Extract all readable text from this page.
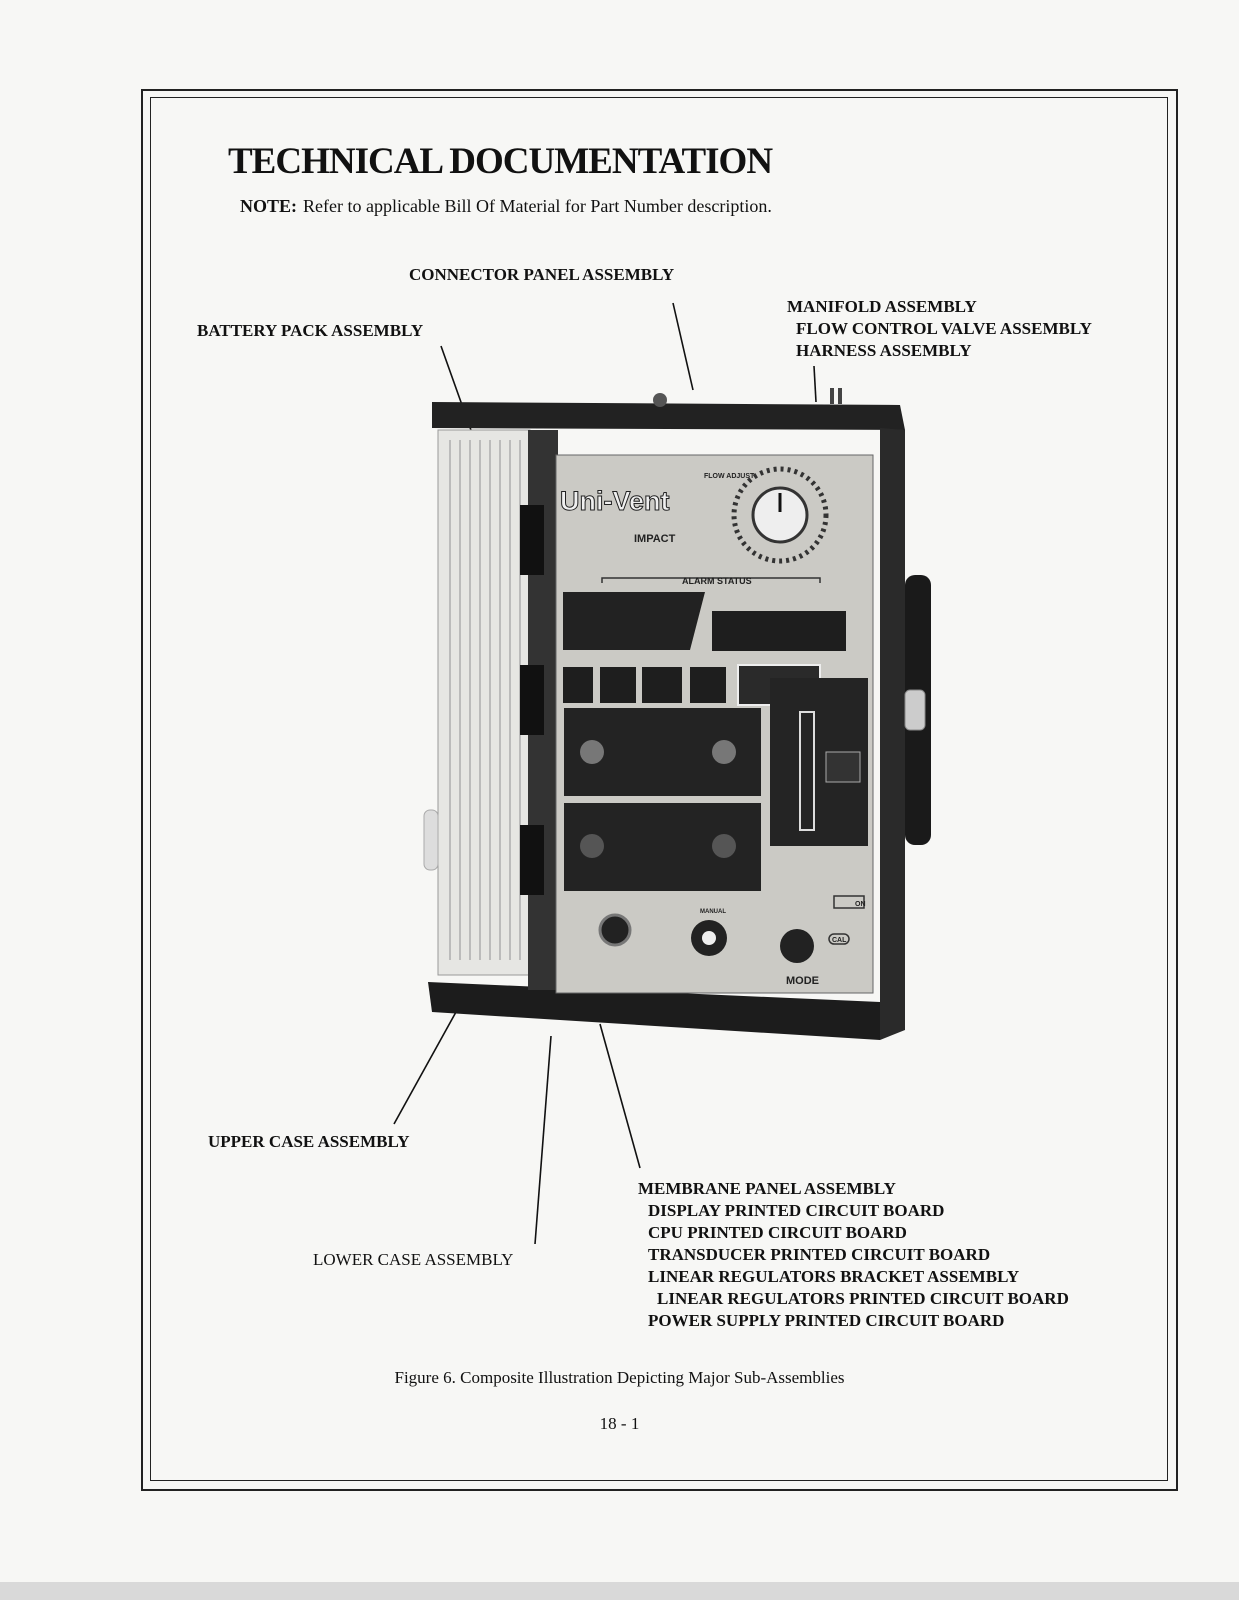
TECHNICAL DOCUMENTATION
NOTE: Refer to applicable Bill Of Material for Part Number description.
Uni-Vent
IMPACT
FLOW ADJUST
ALARM STATUS
MANUAL
ON
CAL
MODE
CONNECTOR PANEL ASSEMBLY
BATTERY PACK ASSEMBLY
MANIFOLD ASSEMBLY
FLOW CONTROL VALVE ASSEMBLY
HARNESS ASSEMBLY
UPPER CASE ASSEMBLY
LOWER CASE ASSEMBLY
MEMBRANE PANEL ASSEMBLY
DISPLAY PRINTED CIRCUIT BOARD
CPU PRINTED CIRCUIT BOARD
TRANSDUCER PRINTED CIRCUIT BOARD
LINEAR REGULATORS BRACKET ASSEMBLY
LINEAR REGULATORS PRINTED CIRCUIT BOARD
POWER SUPPLY PRINTED CIRCUIT BOARD
Figure 6. Composite Illustration Depicting Major Sub-Assemblies
18 - 1
